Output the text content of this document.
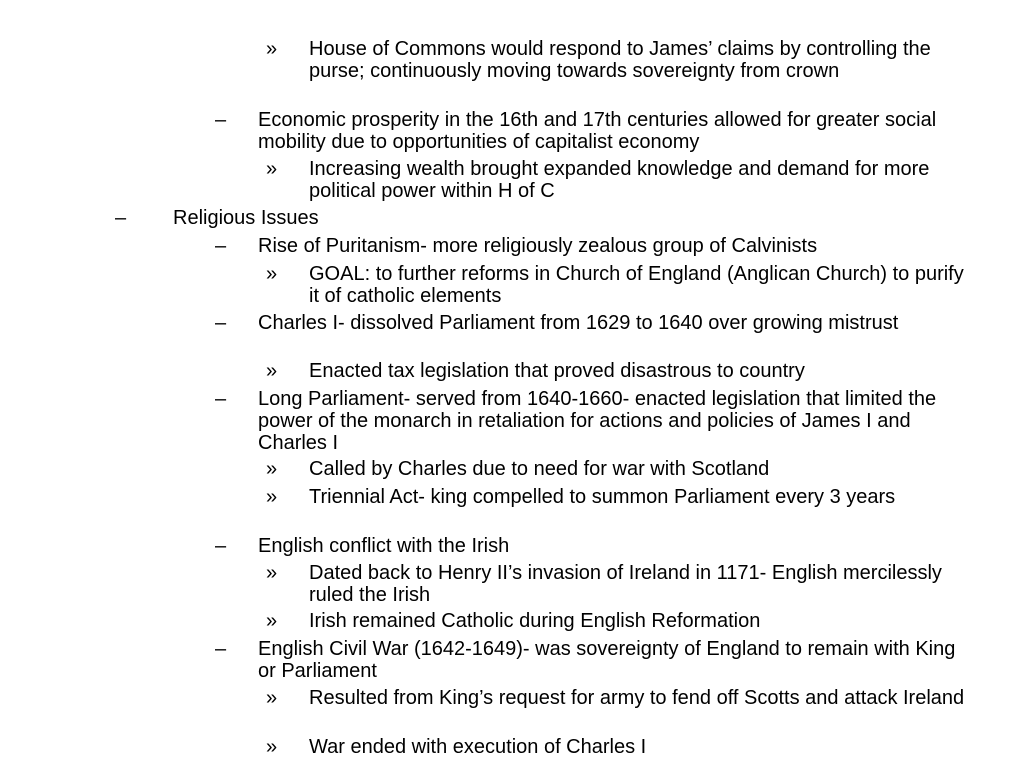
» House of Commons would respond to James’ claims by controlling the purse; continuously moving towards sovereignty from crown
– Economic prosperity in the 16th and 17th centuries allowed for greater social mobility due to opportunities of capitalist economy
» Increasing wealth brought expanded knowledge and demand for more political power within H of C
– Religious Issues
– Rise of Puritanism- more religiously zealous group of Calvinists
» GOAL: to further reforms in Church of England (Anglican Church) to purify it of catholic elements
– Charles I- dissolved Parliament from 1629 to 1640 over growing mistrust
» Enacted tax legislation that proved disastrous to country
– Long Parliament- served from 1640-1660- enacted legislation that limited the power of the monarch in retaliation for actions and policies of James I and Charles I
» Called by Charles due to need for war with Scotland
» Triennial Act- king compelled to summon Parliament every 3 years
– English conflict with the Irish
» Dated back to Henry II’s invasion of Ireland in 1171- English mercilessly ruled the Irish
» Irish remained Catholic during English Reformation
– English Civil War (1642-1649)- was sovereignty of England to remain with King or Parliament
» Resulted from King’s request for army to fend off Scotts and attack Ireland
» War ended with execution of Charles I
